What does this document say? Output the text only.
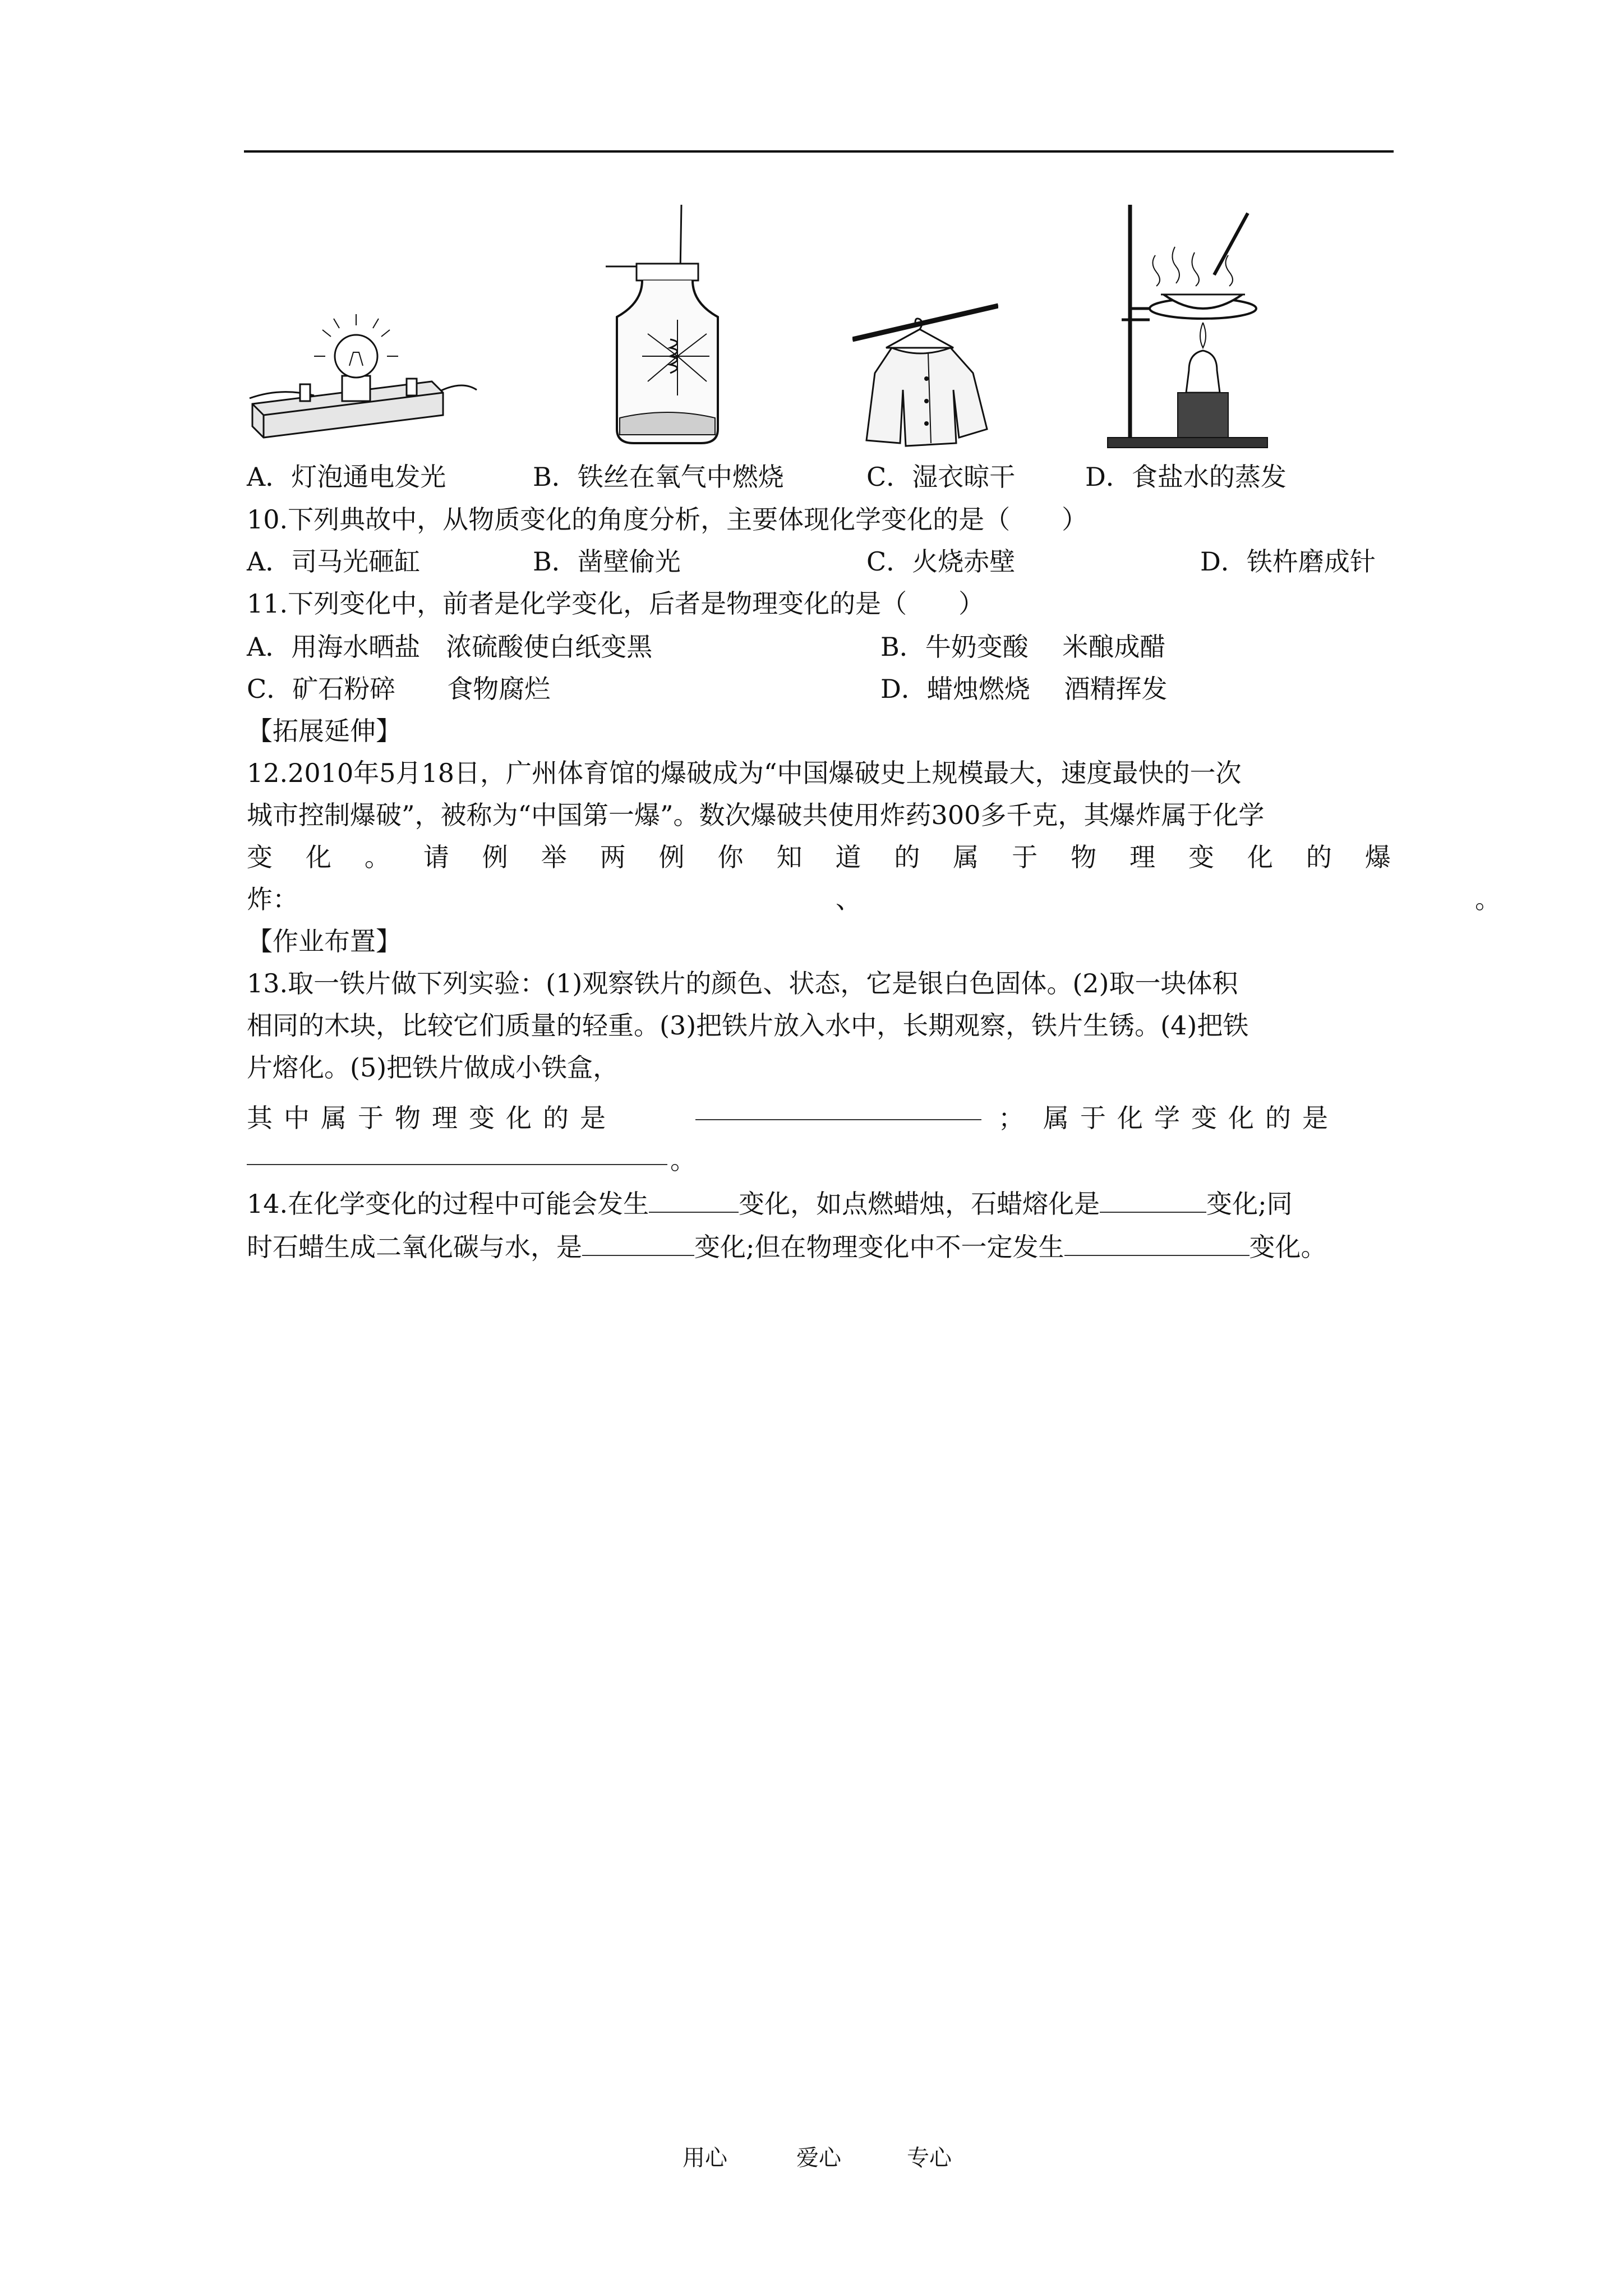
A．灯泡通电发光	B．铁丝在氧气中燃烧	C．湿衣晾干	D．食盐水的蒸发
10.下列典故中，从物质变化的角度分析，主要体现化学变化的是（　　）
A．司马光砸缸	B．凿壁偷光	C．火烧赤壁	D．铁杵磨成针
11.下列变化中，前者是化学变化，后者是物理变化的是（　　）
A．用海水晒盐　浓硫酸使白纸变黑	B．牛奶变酸　 米酿成醋
C．矿石粉碎　　食物腐烂	D．蜡烛燃烧　 酒精挥发
【拓展延伸】
12.2010年5月18日，广州体育馆的爆破成为“中国爆破史上规模最大，速度最快的一次
城市控制爆破”，被称为“中国第一爆”。数次爆破共使用炸药300多千克，其爆炸属于化学
变 化 。 请 例 举 两 例 你 知 道 的 属 于 物 理 变 化 的 爆
炸：	、	。
【作业布置】
13.取一铁片做下列实验：(1)观察铁片的颜色、状态，它是银白色固体。(2)取一块体积
相同的木块，比较它们质量的轻重。(3)把铁片放入水中，长期观察，铁片生锈。(4)把铁
片熔化。(5)把铁片做成小铁盒，
其中属于物理变化的是	； 属于化学变化的是
。
14.在化学变化的过程中可能会发生	变化，如点燃蜡烛，石蜡熔化是	变化;同
时石蜡生成二氧化碳与水，是	变化;但在物理变化中不一定发生	变化。
用心	爱心	专心
